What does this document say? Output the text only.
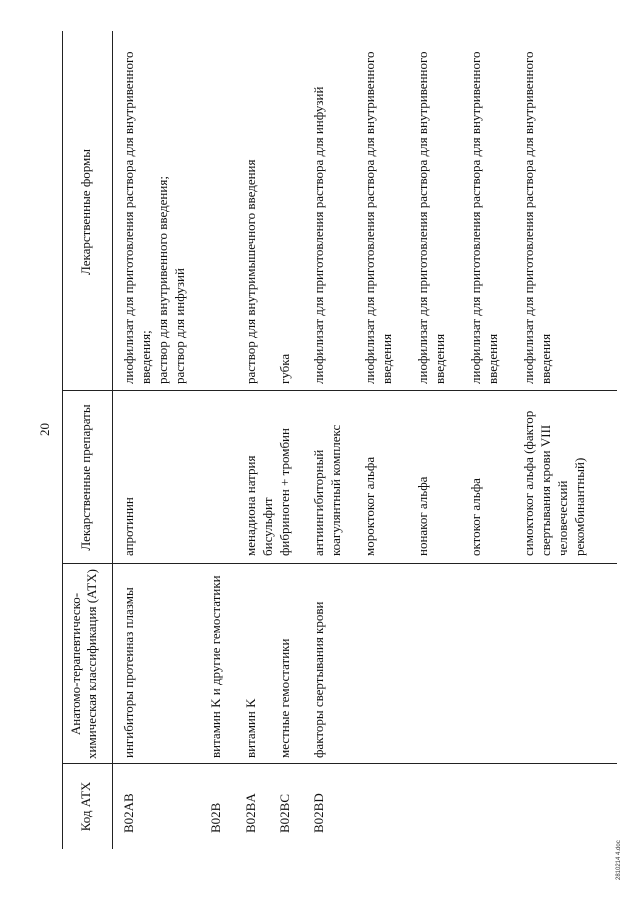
20
Код АТХ
Анатомо-терапевтическо-химическая классификация (АТХ)
Лекарственные препараты
Лекарственные формы
B02AB
ингибиторы протеиназ плазмы
апротинин
лиофилизат для приготовления раствора для внутривенного введения; раствор для внутривенного введения; раствор для инфузий
B02B
витамин K и другие гемостатики
B02BA
витамин K
менадиона натрия бисульфит
раствор для внутримышечного введения
B02BC
местные гемостатики
фибриноген + тромбин
губка
B02BD
факторы свертывания крови
антиингибиторный коагулянтный комплекс
лиофилизат для приготовления раствора для инфузий
мороктоког альфа
лиофилизат для приготовления раствора для внутривенного введения
нонаког альфа
лиофилизат для приготовления раствора для внутривенного введения
октоког альфа
лиофилизат для приготовления раствора для внутривенного введения
симоктоког альфа (фактор свертывания крови VIII человеческий рекомбинантный)
лиофилизат для приготовления раствора для внутривенного введения
2810214 4.doc
